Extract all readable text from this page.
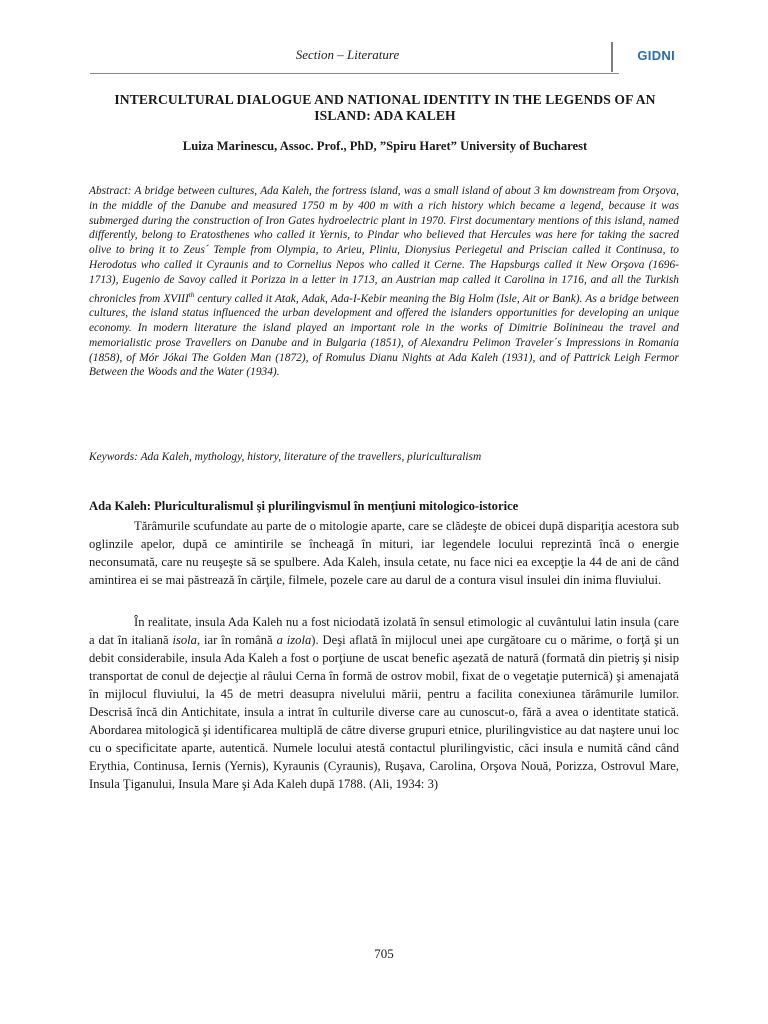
Section – Literature	GIDNI
INTERCULTURAL DIALOGUE AND NATIONAL IDENTITY IN THE LEGENDS OF AN ISLAND: ADA KALEH
Luiza Marinescu, Assoc. Prof., PhD, ”Spiru Haret” University of Bucharest
Abstract: A bridge between cultures, Ada Kaleh, the fortress island, was a small island of about 3 km downstream from Orşova, in the middle of the Danube and measured 1750 m by 400 m with a rich history which became a legend, because it was submerged during the construction of Iron Gates hydroelectric plant in 1970. First documentary mentions of this island, named differently, belong to Eratosthenes who called it Yernis, to Pindar who believed that Hercules was here for taking the sacred olive to bring it to Zeus´ Temple from Olympia, to Arieu, Pliniu, Dionysius Periegetul and Priscian called it Continusa, to Herodotus who called it Cyraunis and to Cornelius Nepos who called it Cerne. The Hapsburgs called it New Orşova (1696-1713), Eugenio de Savoy called it Porizza in a letter in 1713, an Austrian map called it Carolina in 1716, and all the Turkish chronicles from XVIIIth century called it Atak, Adak, Ada-I-Kebir meaning the Big Holm (Isle, Ait or Bank). As a bridge between cultures, the island status influenced the urban development and offered the islanders opportunities for developing an unique economy. In modern literature the island played an important role in the works of Dimitrie Bolinineau the travel and memorialistic prose Travellers on Danube and in Bulgaria (1851), of Alexandru Pelimon Traveler´s Impressions in Romania (1858), of Mór Jókai The Golden Man (1872), of Romulus Dianu Nights at Ada Kaleh (1931), and of Pattrick Leigh Fermor Between the Woods and the Water (1934).
Keywords: Ada Kaleh, mythology, history, literature of the travellers, pluriculturalism
Ada Kaleh: Pluriculturalismul şi plurilingvismul în menţiuni mitologico-istorice

Tărâmurile scufundate au parte de o mitologie aparte, care se clădeşte de obicei după dispariţia acestora sub oglinzile apelor, după ce amintirile se încheagă în mituri, iar legendele locului reprezintă încă o energie neconsumată, care nu reuşeşte să se spulbere. Ada Kaleh, insula cetate, nu face nici ea excepţie la 44 de ani de când amintirea ei se mai păstrează în cărţile, filmele, pozele care au darul de a contura visul insulei din inima fluviului.

În realitate, insula Ada Kaleh nu a fost niciodată izolată în sensul etimologic al cuvântului latin insula (care a dat în italiană isola, iar în română a izola). Deşi aflată în mijlocul unei ape curgătoare cu o mărime, o forţă şi un debit considerabile, insula Ada Kaleh a fost o porţiune de uscat benefic aşezată de natură (formată din pietriş şi nisip transportat de conul de dejecţie al râului Cerna în formă de ostrov mobil, fixat de o vegetaţie puternică) şi amenajată în mijlocul fluviului, la 45 de metri deasupra nivelului mării, pentru a facilita conexiunea tărâmurile lumilor. Descrisă încă din Antichitate, insula a intrat în culturile diverse care au cunoscut-o, fără a avea o identitate statică. Abordarea mitologică şi identificarea multiplă de către diverse grupuri etnice, plurilingvistice au dat naştere unui loc cu o specificitate aparte, autentică. Numele locului atestă contactul plurilingvistic, căci insula e numită când când Erythia, Continusa, Iernis (Yernis), Kyraunis (Cyraunis), Ruşava, Carolina, Orşova Nouă, Porizza, Ostrovul Mare, Insula Ţiganului, Insula Mare şi Ada Kaleh după 1788. (Ali, 1934: 3)

705
